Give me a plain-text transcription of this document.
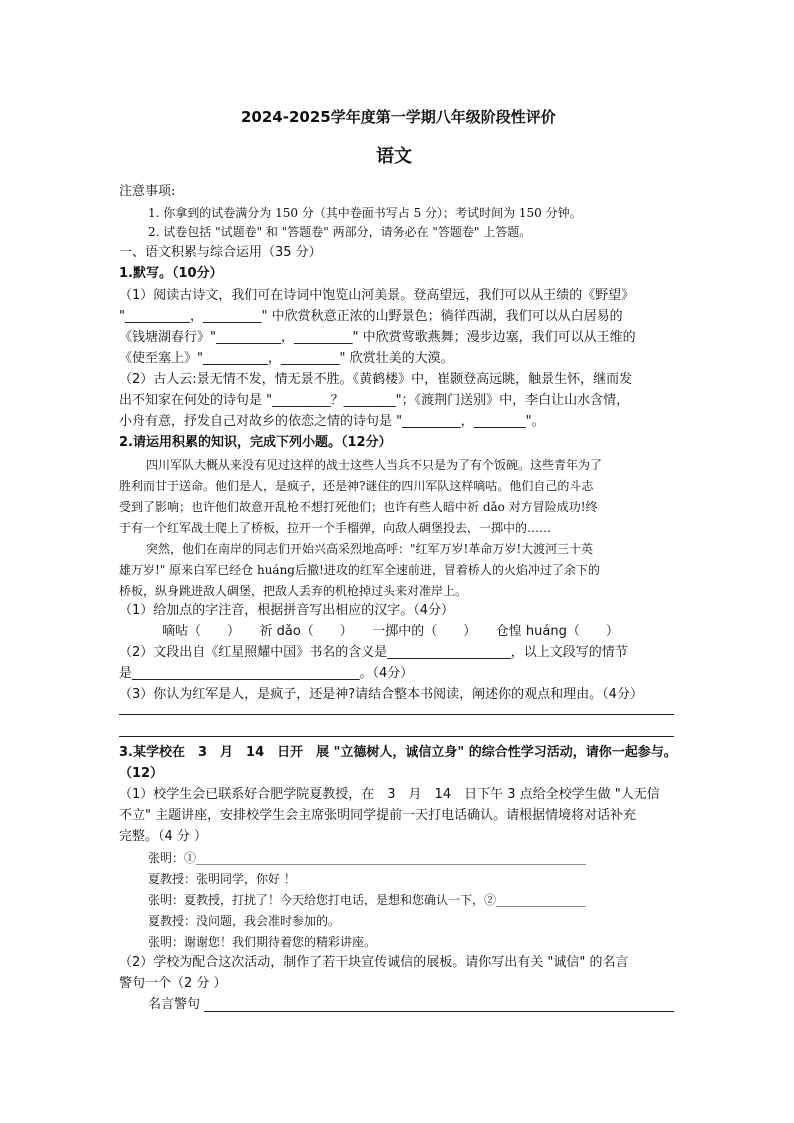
2024-2025学年度第一学期八年级阶段性评价
语文
注意事项:
1. 你拿到的试卷满分为 150 分（其中卷面书写占 5 分）；考试时间为 150 分钟。
2. 试卷包括 "试题卷" 和 "答题卷" 两部分，请务必在 "答题卷" 上答题。
一、语文积累与综合运用（35 分）
1.默写。（10分）
（1）阅读古诗文，我们可在诗词中饱览山河美景。登高望远，我们可以从王绩的《野望》
"__________，_________" 中欣赏秋意正浓的山野景色；徜徉西湖，我们可以从白居易的
《钱塘湖春行》"__________，_________" 中欣赏莺歌燕舞；漫步边塞，我们可以从王维的
《使至塞上》"__________，_________" 欣赏壮美的大漠。
（2）古人云:景无情不发，情无景不胜。《黄鹤楼》中，崔颢登高远眺，触景生怀，继而发
出不知家在何处的诗句是 "_________？________"；《渡荆门送别》中，李白让山水含情，
小舟有意，抒发自己对故乡的依恋之情的诗句是 "_________，________"。
2.请运用积累的知识，完成下列小题。（12分）
四川军队大概从来没有见过这样的战士这些人当兵不只是为了有个饭碗。这些青年为了
胜利而甘于送命。他们是人，是疯子，还是神?谜住的四川军队这样嘀咕。他们自己的斗志
受到了影响；也许他们故意开乱枪不想打死他们；也许有些人暗中祈 dǎo 对方冒险成功!终
于有一个红军战士爬上了桥板，拉开一个手榴弹，向敌人碉堡投去，一掷中的……
突然，他们在南岸的同志们开始兴高采烈地高呼："红军万岁!革命万岁!大渡河三十英
雄万岁!" 原来白军已经仓 huáng后撤!进攻的红军全速前进，冒着桥人的火焰冲过了余下的
桥板，纵身跳进敌人碉堡，把敌人丢弃的机枪掉过头来对准岸上。
（1）给加点的字注音，根据拼音写出相应的汉字。（4分）
嘀咕（　　）　　祈 dǎo（　　）　　一掷中的（　　）　　仓惶 huáng（　　）
（2）文段出自《红星照耀中国》书名的含义是___________________，以上文段写的情节
是___________________________________。（4分）
（3）你认为红军是人，是疯子，还是神?请结合整本书阅读，阐述你的观点和理由。（4分）
3.某学校在　3　月　14　日开　展 "立德树人，诚信立身" 的综合性学习活动，请你一起参与。
（12）
（1）校学生会已联系好合肥学院夏教授，在　3　月　14　日下午 3 点给全校学生做 "人无信
不立" 主题讲座，安排校学生会主席张明同学提前一天打电话确认。请根据情境将对话补充
完整。（4 分 ）
张明：①_________________________________________________________________
夏教授：张明同学，你好 ！
张明：夏教授，打扰了！今天给您打电话，是想和您确认一下，②_______________
夏教授：没问题，我会准时参加的。
张明：谢谢您！我们期待着您的精彩讲座。
（2）学校为配合这次活动，制作了若干块宣传诚信的展板。请你写出有关 "诚信" 的名言
警句一个（2 分 ）
名言警句
